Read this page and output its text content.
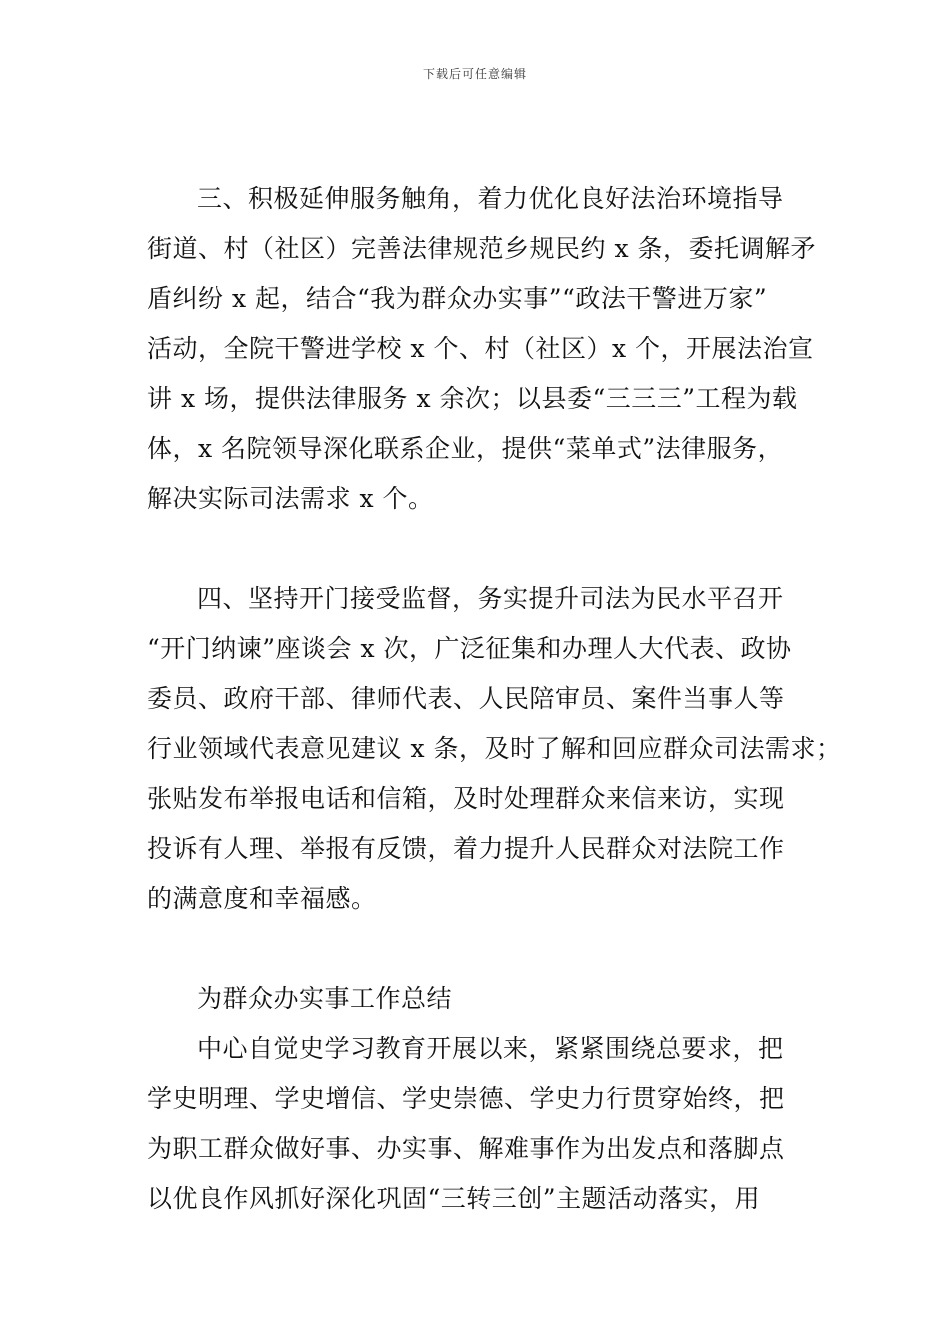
下载后可任意编辑
三、积极延伸服务触角，着力优化良好法治环境指导
街道、村（社区）完善法律规范乡规民约 x 条，委托调解矛
盾纠纷 x 起，结合“我为群众办实事”“政法干警进万家”
活动，全院干警进学校 x 个、村（社区）x 个，开展法治宣
讲 x 场，提供法律服务 x 余次；以县委“三三三”工程为载
体，x 名院领导深化联系企业，提供“菜单式”法律服务，
解决实际司法需求 x 个。
四、坚持开门接受监督，务实提升司法为民水平召开
“开门纳谏”座谈会 x 次，广泛征集和办理人大代表、政协
委员、政府干部、律师代表、人民陪审员、案件当事人等
行业领域代表意见建议 x 条，及时了解和回应群众司法需求；
张贴发布举报电话和信箱，及时处理群众来信来访，实现
投诉有人理、举报有反馈，着力提升人民群众对法院工作
的满意度和幸福感。
为群众办实事工作总结
中心自觉史学习教育开展以来，紧紧围绕总要求，把
学史明理、学史增信、学史崇德、学史力行贯穿始终，把
为职工群众做好事、办实事、解难事作为出发点和落脚点
以优良作风抓好深化巩固“三转三创”主题活动落实，用
